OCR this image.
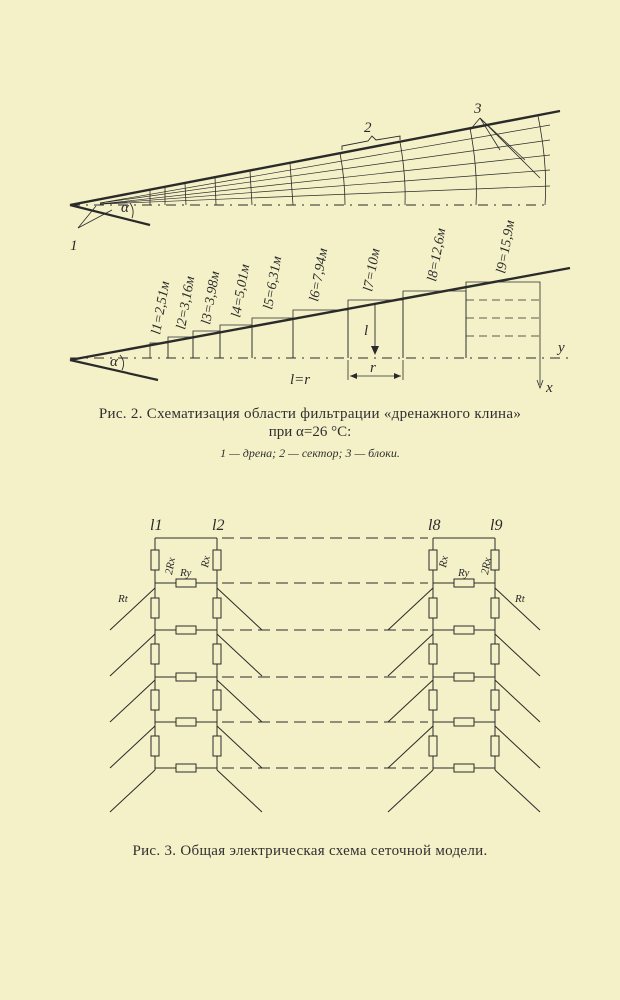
1
2
3
α
α
l
r
l=r
y
x
l1=2,51м l2=3,16м l3=3,98м l4=5,01м l5=6,31м l6=7,94м l7=10м	l8=12,6м	l9=15,9м
l1	l2	l8	l9
2Rx Rx
Ry
Rt
Rx	2Rx
Ry
Rt
Рис. 2. Схематизация области фильтрации «дренажного клина»
при α=26 °С:
1 — дрена; 2 — сектор; 3 — блоки.
Рис. 3. Общая электрическая схема сеточной модели.
